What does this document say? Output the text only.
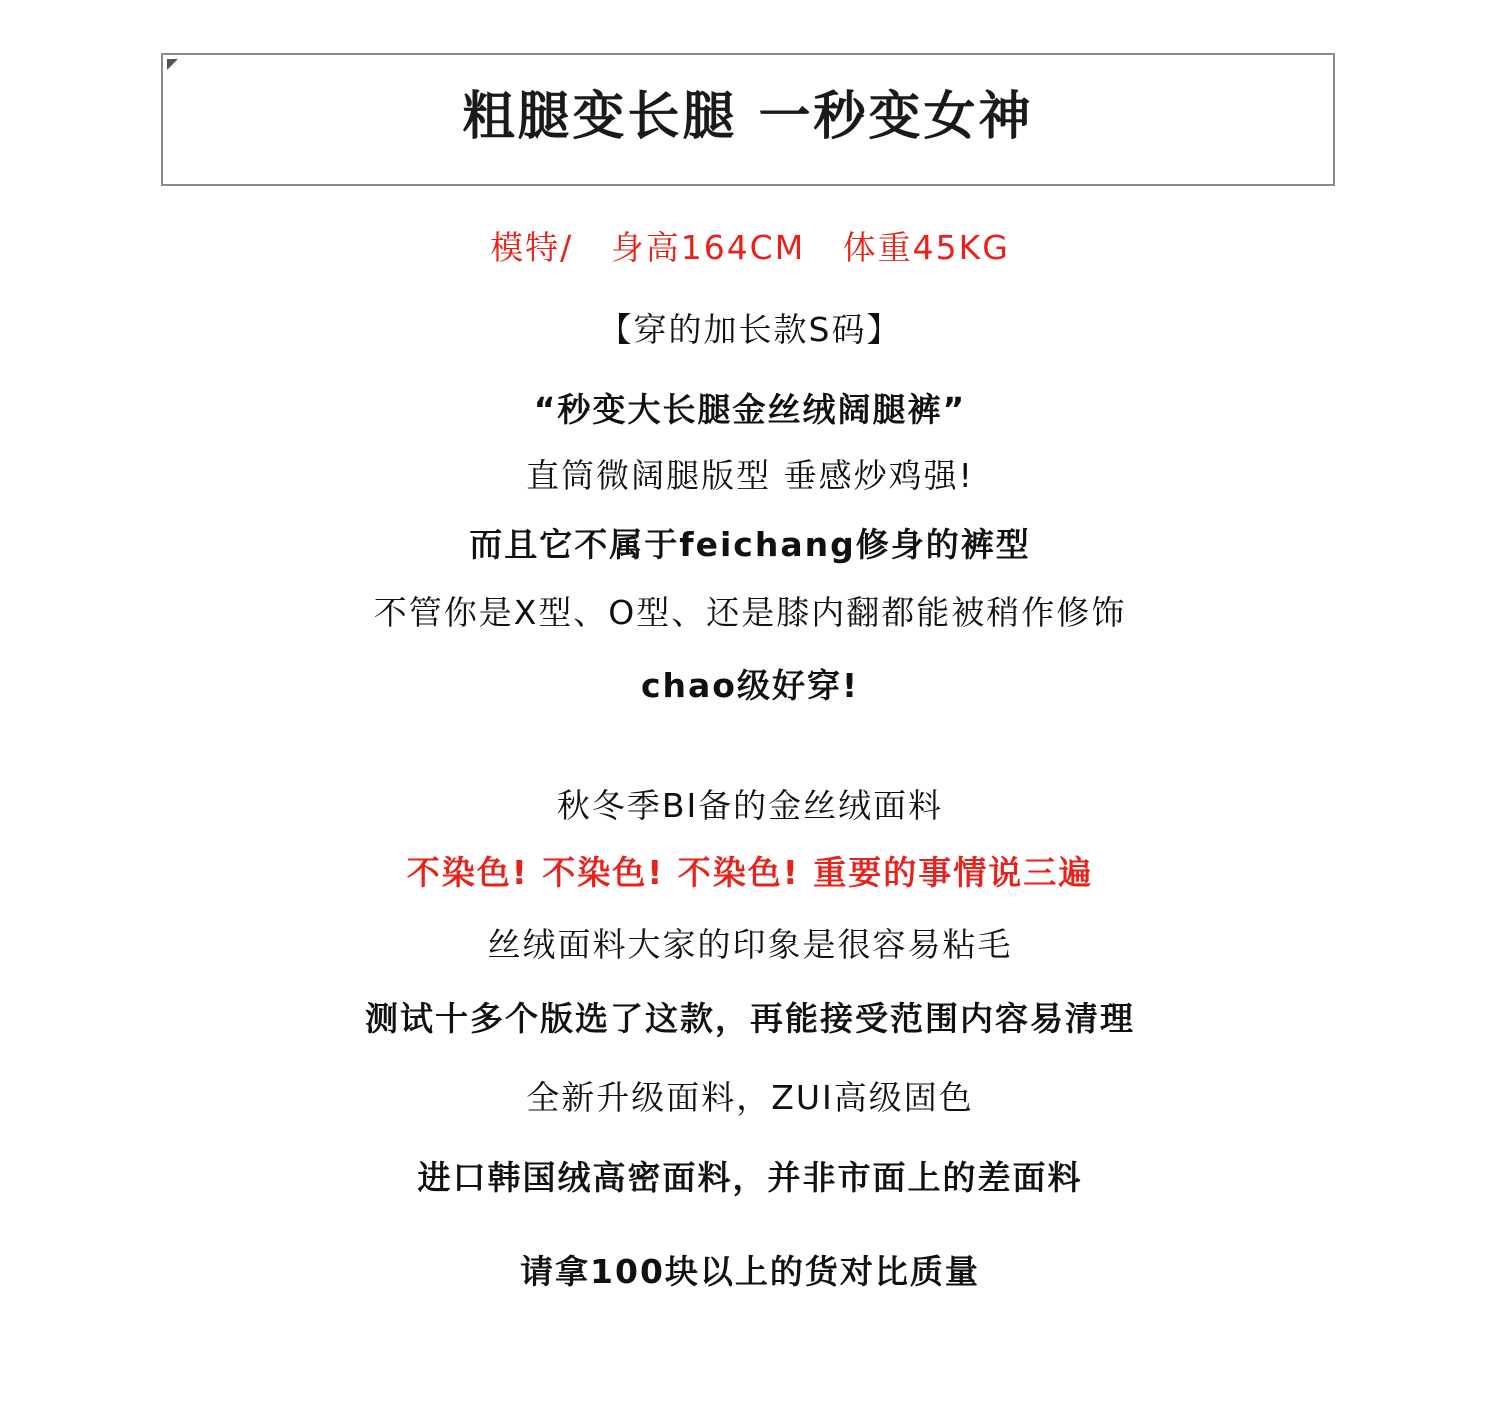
粗腿变长腿 一秒变女神
模特/   身高164CM   体重45KG
【穿的加长款S码】
“秒变大长腿金丝绒阔腿裤”
直筒微阔腿版型 垂感炒鸡强!
而且它不属于feichang修身的裤型
不管你是X型、O型、还是膝内翻都能被稍作修饰
chao级好穿!
秋冬季BI备的金丝绒面料
不染色! 不染色! 不染色! 重要的事情说三遍
丝绒面料大家的印象是很容易粘毛
测试十多个版选了这款，再能接受范围内容易清理
全新升级面料，ZUI高级固色
进口韩国绒高密面料，并非市面上的差面料
请拿100块以上的货对比质量
